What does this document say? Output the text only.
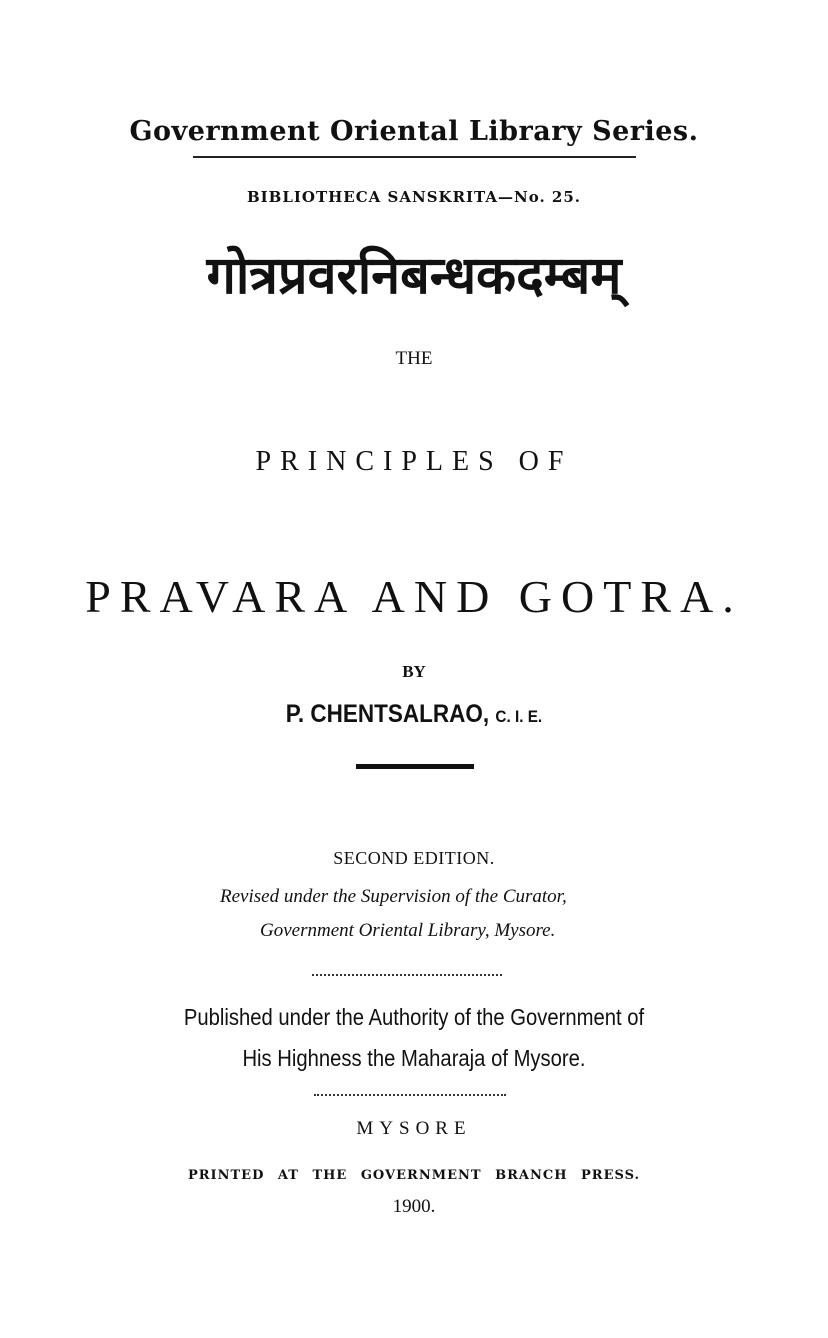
Government Oriental Library Series.
BIBLIOTHECA SANSKRITA—No. 25.
गोत्रप्रवरनिबन्धकदम्बम्
THE
PRINCIPLES OF
PRAVARA AND GOTRA.
BY
P. CHENTSALRAO, C. I. E.
SECOND EDITION.
Revised under the Supervision of the Curator,
Government Oriental Library, Mysore.
Published under the Authority of the Government of
His Highness the Maharaja of Mysore.
MYSORE
PRINTED AT THE GOVERNMENT BRANCH PRESS.
1900.
